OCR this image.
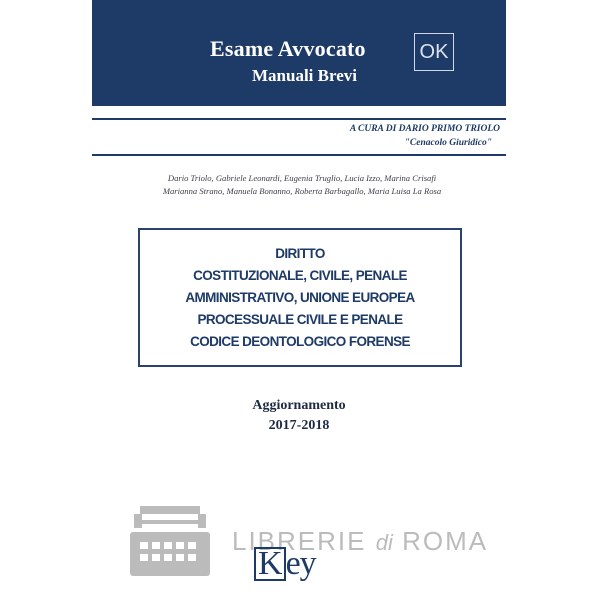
Esame Avvocato	OK
Manuali Brevi
A CURA DI DARIO PRIMO TRIOLO
"Cenacolo Giuridico"
Dario Triolo, Gabriele Leonardi, Eugenia Truglio, Lucia Izzo, Marina Crisafi
Marianna Strano, Manuela Bonanno, Roberta Barbagallo, Maria Luisa La Rosa
DIRITTO
COSTITUZIONALE, CIVILE, PENALE
AMMINISTRATIVO, UNIONE EUROPEA
PROCESSUALE CIVILE E PENALE
CODICE DEONTOLOGICO FORENSE
Aggiornamento
2017-2018
LIBRERIE di ROMA
K ey
